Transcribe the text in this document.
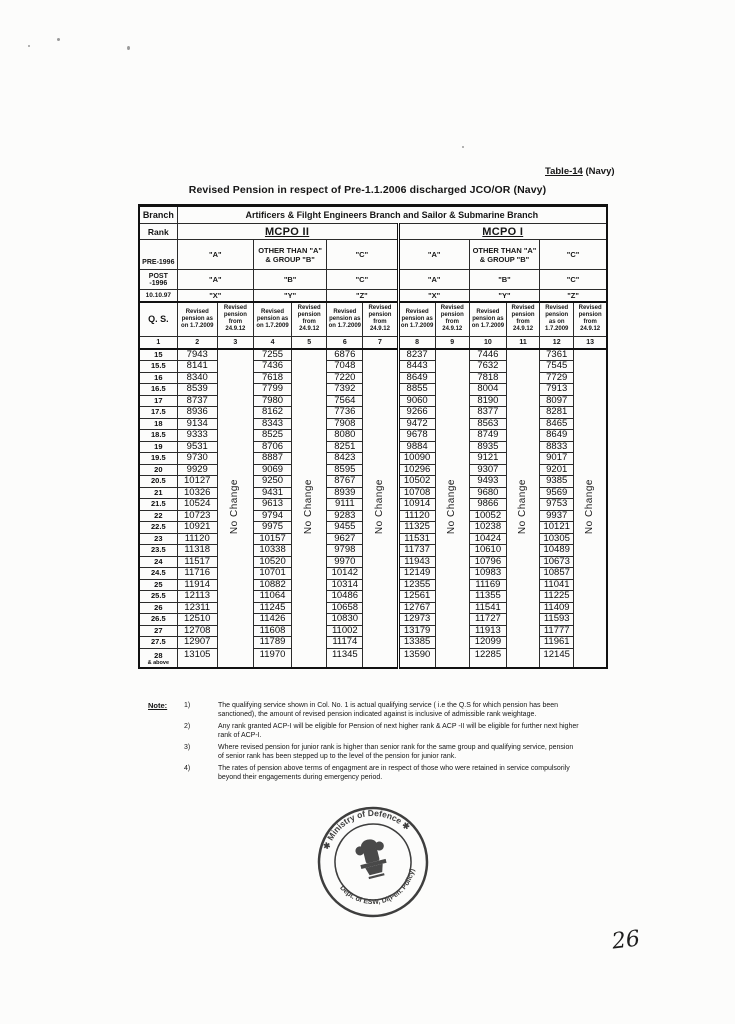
Table-14 (Navy)
Revised Pension in respect of Pre-1.1.2006 discharged JCO/OR (Navy)
Branch	Artificers & Filght Engineers Branch and Sailor & Submarine Branch											
Rank	MCPO II						MCPO I					
PRE-1996	"A"		OTHER THAN "A" & GROUP "B"		"C"		"A"		OTHER THAN "A" & GROUP "B"		"C"	
POST -1996	"A"		"B"		"C"		"A"		"B"		"C"	
10.10.97	"X"		"Y"		"Z"		"X"		"Y"		"Z"	
Q. S.	Revised pension as on 1.7.2009	Revised pension from 24.9.12	Revised pension as on 1.7.2009	Revised pension from 24.9.12	Revised pension as on 1.7.2009	Revised pension from 24.9.12	Revised pension as on 1.7.2009	Revised pension from 24.9.12	Revised pension as on 1.7.2009	Revised pension from 24.9.12	Revised pension as on 1.7.2009	Revised pension from 24.9.12
1	2	3	4	5	6	7	8	9	10	11	12	13
15	7943	No Change	7255	No Change	6876	No Change	8237	No Change	7446	No Change	7361	No Change
15.5	8141		7436		7048		8443		7632		7545	
16	8340		7618		7220		8649		7818		7729	
16.5	8539		7799		7392		8855		8004		7913	
17	8737		7980		7564		9060		8190		8097	
17.5	8936		8162		7736		9266		8377		8281	
18	9134		8343		7908		9472		8563		8465	
18.5	9333		8525		8080		9678		8749		8649	
19	9531		8706		8251		9884		8935		8833	
19.5	9730		8887		8423		10090		9121		9017	
20	9929		9069		8595		10296		9307		9201	
20.5	10127		9250		8767		10502		9493		9385	
21	10326		9431		8939		10708		9680		9569	
21.5	10524		9613		9111		10914		9866		9753	
22	10723		9794		9283		11120		10052		9937	
22.5	10921		9975		9455		11325		10238		10121	
23	11120		10157		9627		11531		10424		10305	
23.5	11318		10338		9798		11737		10610		10489	
24	11517		10520		9970		11943		10796		10673	
24.5	11716		10701		10142		12149		10983		10857	
25	11914		10882		10314		12355		11169		11041	
25.5	12113		11064		10486		12561		11355		11225	
26	12311		11245		10658		12767		11541		11409	
26.5	12510		11426		10830		12973		11727		11593	
27	12708		11608		11002		13179		11913		11777	
27.5	12907		11789		11174		13385		12099		11961	
28
& above	13105		11970		11345		13590		12285		12145	
Note: 1)	The qualifying service shown in Col. No. 1 is actual qualifying service ( i.e the Q.S for which pension has been sanctioned), the amount of revised pension indicated against is inclusive of admissible rank weightage.
2)	Any rank granted ACP-I will be eligible for Pension of next higher rank & ACP -II will be eligible for further next higher rank of ACP-I.
3)	Where revised pension for junior rank is higher than senior rank for the same group and qualifying service, pension of senior rank has been stepped up to the level of the pension for junior rank.
4)	The rates of pension above terms of engagment are in respect of those who were retained in service compulsorily beyond their engagements during emergency period.
✱ Ministry of Defence ✱
Dept. of ESW, Dl(Pen. Policy)
26
